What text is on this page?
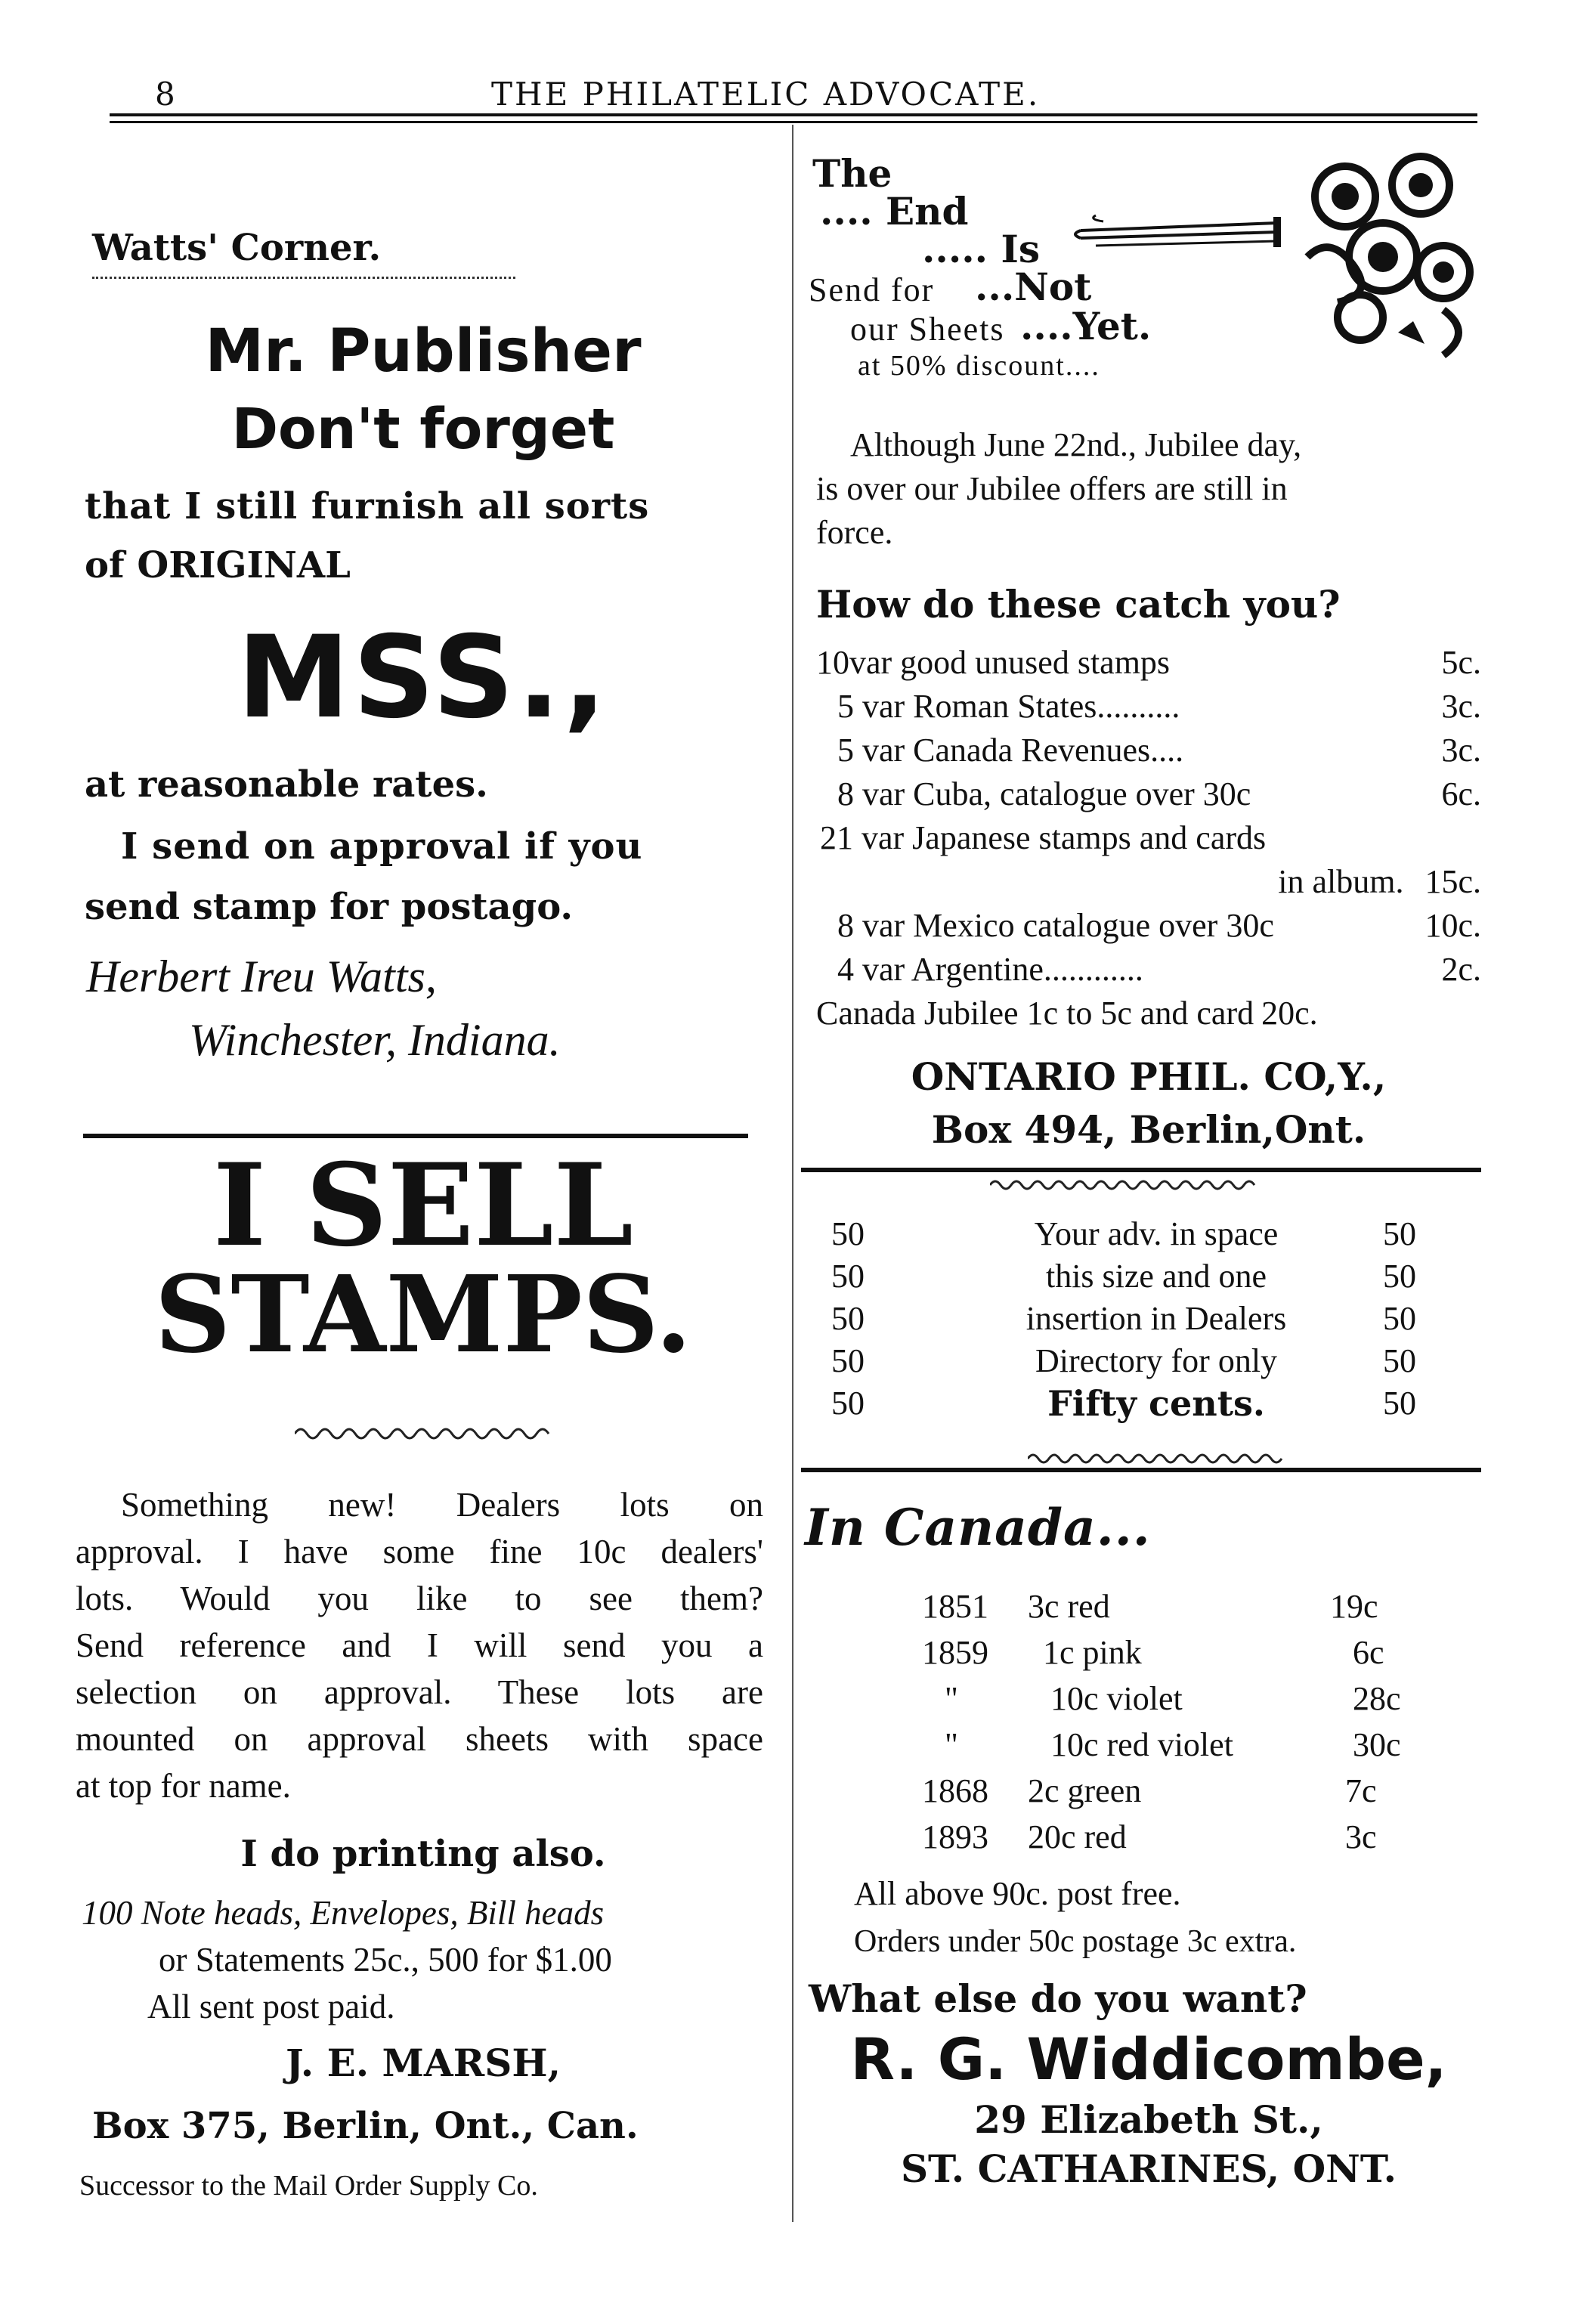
8	THE PHILATELIC ADVOCATE.
Watts' Corner.
Mr. Publisher
Don't forget
that I still furnish all sorts
of ORIGINAL
MSS.,
at reasonable rates.
I send on approval if you
send stamp for postago.
Herbert Ireu Watts,
Winchester, Indiana.
I SELL
STAMPS.
Something new! Dealers lots on
approval. I have some fine 10c dealers'
lots. Would you like to see them?
Send reference and I will send you a
selection on approval. These lots are
mounted on approval sheets with space
at top for name.
I do printing also.
100 Note heads, Envelopes, Bill heads
or Statements 25c., 500 for $1.00
All sent post paid.
J. E. MARSH,
Box 375, Berlin, Ont., Can.
Successor to the Mail Order Supply Co.
The
.... End
..... Is
Send for ...Not
our Sheets ....Yet.
at 50% discount....
Although June 22nd., Jubilee day,
is over our Jubilee offers are still in
force.
How do these catch you?
10var good unused stamps	5c.
5 var Roman States..........	3c.
5 var Canada Revenues....	3c.
8 var Cuba, catalogue over 30c	6c.
21 var Japanese stamps and cards
in album. 15c.
8 var Mexico catalogue over 30c	10c.
4 var Argentine............	2c.
Canada Jubilee 1c to 5c and card 20c.
ONTARIO PHIL. CO,Y.,
Box 494, Berlin,Ont.
50	Your adv. in space	50
50	this size and one	50
50	insertion in Dealers	50
50	Directory for only	50
50	Fifty cents.	50
In Canada...
1851	3c red	19c
1859	1c pink	6c
"	10c violet	28c
"	10c red violet	30c
1868	2c green	7c
1893	20c red	3c
All above 90c. post free.
Orders under 50c postage 3c extra.
What else do you want?
R. G. Widdicombe,
29 Elizabeth St.,
ST. CATHARINES, ONT.
